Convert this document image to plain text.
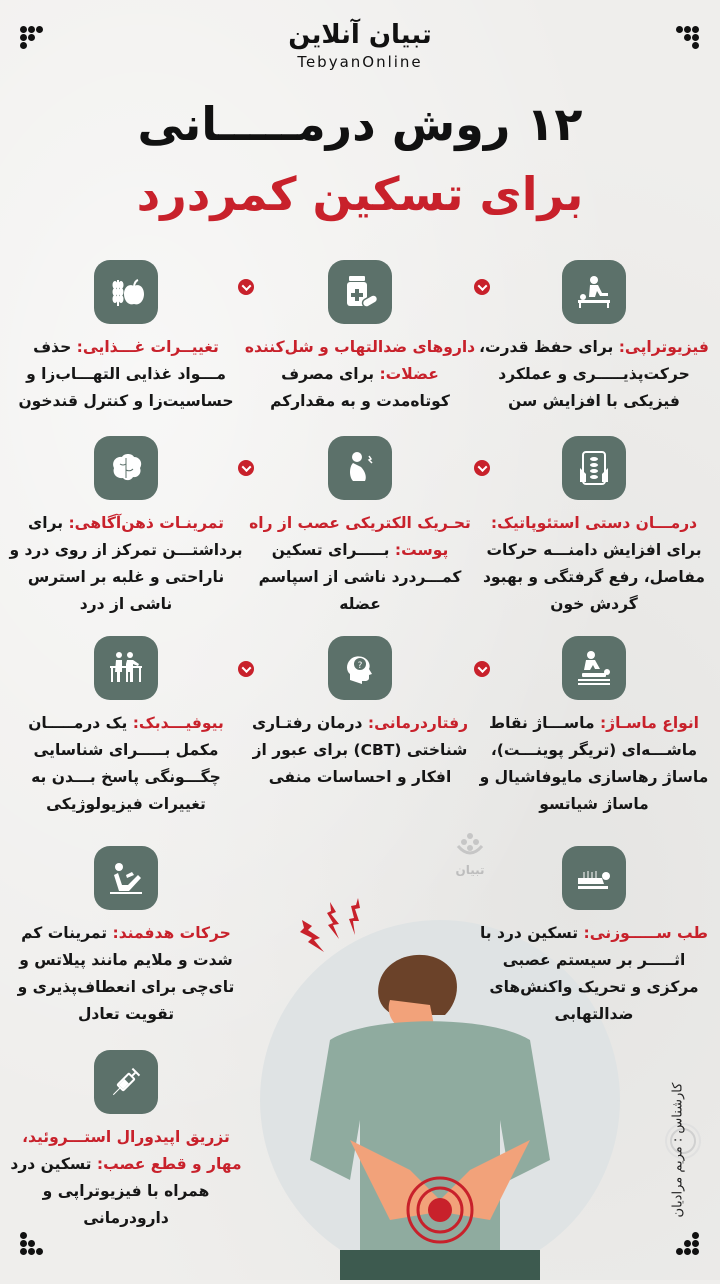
تبیان آنلاین
TebyanOnline
۱۲ روش درمـــــانی
برای تسکین کمردرد
فیزیوتراپی: برای حفظ قدرت، حرکت‌پذیـــــری و عملکرد فیزیکی با افزایش سن
داروهای ضدالتهاب و شل‌کننده عضلات: برای مصرف کوتاه‌مدت و به مقدارکم
تغییــرات غـــذایی: حذف مـــواد غذایی التهـــاب‌زا و حساسیت‌زا و کنترل قندخون
درمـــان دستی استئوپاتیک: برای افزایش دامنـــه حرکات مفاصل، رفع گرفتگی و بهبود گردش خون
تحـریک الکتریکی عصب از راه پوست: بـــــرای تسکین کمـــردرد ناشی از اسپاسم عضله
تمرینـات ذهن‌آگاهی: برای برداشتـــن تمرکز از روی درد و ناراحتی و غلبه بر استرس ناشی از درد
انواع ماسـاژ: ماســـاژ نقاط ماشـــه‌ای (تریگر پوینـــت)، ماساژ رهاسازی مایوفاشیال و ماساژ شیاتسو
?
رفتاردرمانی: درمان رفتـاری شناختی (CBT) برای عبور از افکار و احساسات منفی
بیوفیـــدبک: یک درمـــــان مکمل بـــــرای شناسایی چگـــونگی پاسخ بـــدن به تغییرات فیزیولوژیکی
تبیان
طب ســـــوزنی: تسکین درد با اثـــــر بر سیستم عصبی مرکزی و تحریک واکنش‌های ضدالتهابی
حرکات هدفمند: تمرینات کم شدت و ملایم مانند پیلاتس و تای‌چی برای انعطاف‌پذیری و تقویت تعادل
تزریق اپیدورال استـــروئید، مهار و قطع عصب: تسکین درد همراه با فیزیوتراپی و دارودرمانی
کارشناس : مریم مرادیان
